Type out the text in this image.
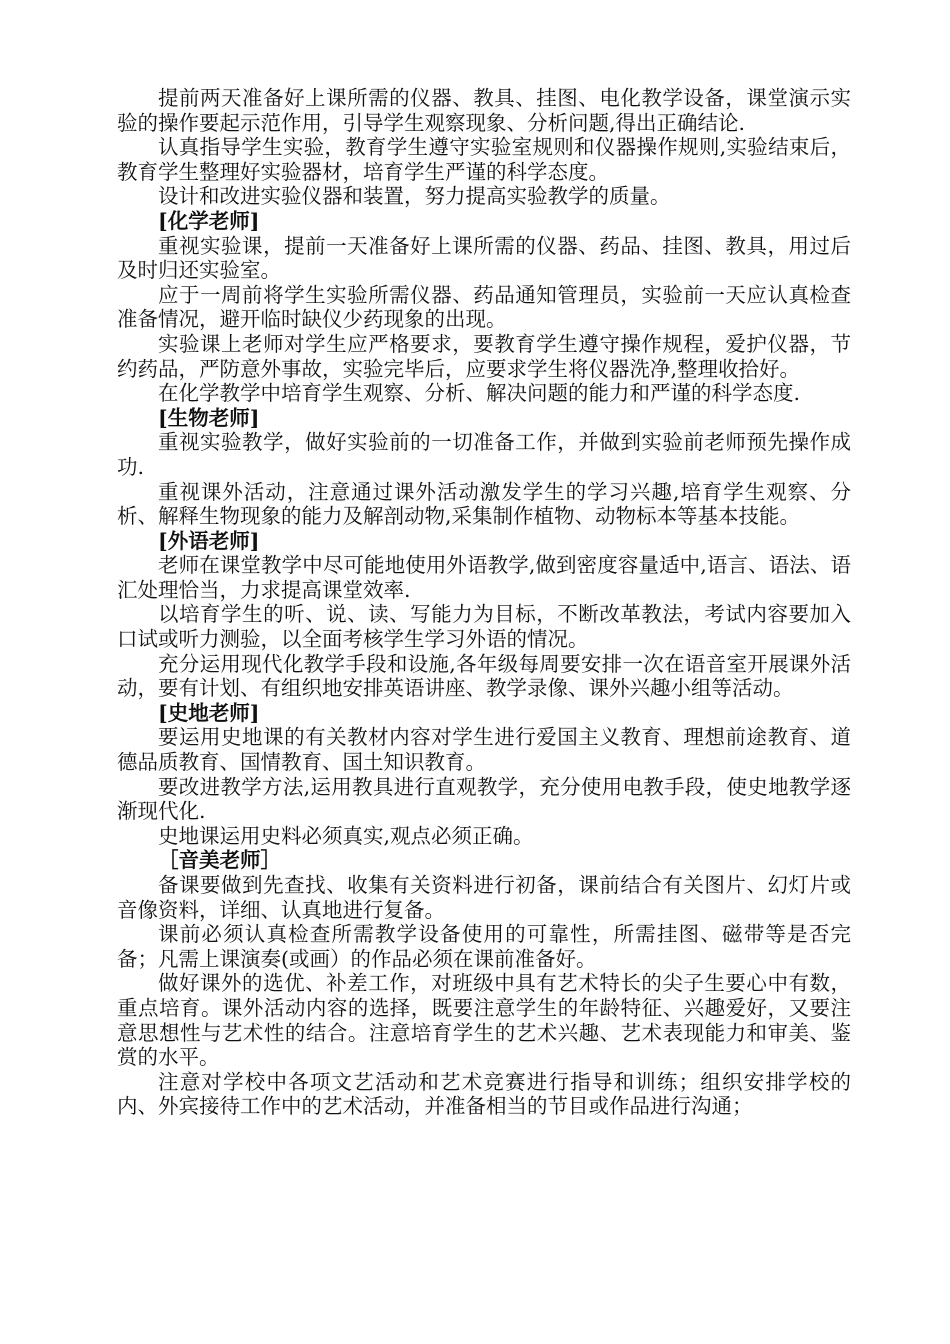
提前两天准备好上课所需的仪器、教具、挂图、电化教学设备，课堂演示实验的操作要起示范作用，引导学生观察现象、分析问题,得出正确结论.

认真指导学生实验，教育学生遵守实验室规则和仪器操作规则,实验结束后，教育学生整理好实验器材，培育学生严谨的科学态度。

设计和改进实验仪器和装置，努力提高实验教学的质量。

[化学老师]

重视实验课，提前一天准备好上课所需的仪器、药品、挂图、教具，用过后及时归还实验室。

应于一周前将学生实验所需仪器、药品通知管理员，实验前一天应认真检查准备情况，避开临时缺仪少药现象的出现。

实验课上老师对学生应严格要求，要教育学生遵守操作规程，爱护仪器，节约药品，严防意外事故，实验完毕后，应要求学生将仪器洗净,整理收拾好。

在化学教学中培育学生观察、分析、解决问题的能力和严谨的科学态度.

[生物老师]

重视实验教学，做好实验前的一切准备工作，并做到实验前老师预先操作成功.

重视课外活动，注意通过课外活动激发学生的学习兴趣,培育学生观察、分析、解释生物现象的能力及解剖动物,采集制作植物、动物标本等基本技能。

[外语老师]

老师在课堂教学中尽可能地使用外语教学,做到密度容量适中,语言、语法、语汇处理恰当，力求提高课堂效率.

以培育学生的听、说、读、写能力为目标，不断改革教法，考试内容要加入口试或听力测验，以全面考核学生学习外语的情况。

充分运用现代化教学手段和设施,各年级每周要安排一次在语音室开展课外活动，要有计划、有组织地安排英语讲座、教学录像、课外兴趣小组等活动。

[史地老师]

要运用史地课的有关教材内容对学生进行爱国主义教育、理想前途教育、道德品质教育、国情教育、国土知识教育。

要改进教学方法,运用教具进行直观教学，充分使用电教手段，使史地教学逐渐现代化.

史地课运用史料必须真实,观点必须正确。

［音美老师］

备课要做到先查找、收集有关资料进行初备，课前结合有关图片、幻灯片或音像资料，详细、认真地进行复备。

课前必须认真检查所需教学设备使用的可靠性，所需挂图、磁带等是否完备；凡需上课演奏(或画）的作品必须在课前准备好。

做好课外的选优、补差工作，对班级中具有艺术特长的尖子生要心中有数，重点培育。课外活动内容的选择，既要注意学生的年龄特征、兴趣爱好，又要注意思想性与艺术性的结合。注意培育学生的艺术兴趣、艺术表现能力和审美、鉴赏的水平。

注意对学校中各项文艺活动和艺术竞赛进行指导和训练；组织安排学校的内、外宾接待工作中的艺术活动，并准备相当的节目或作品进行沟通；
